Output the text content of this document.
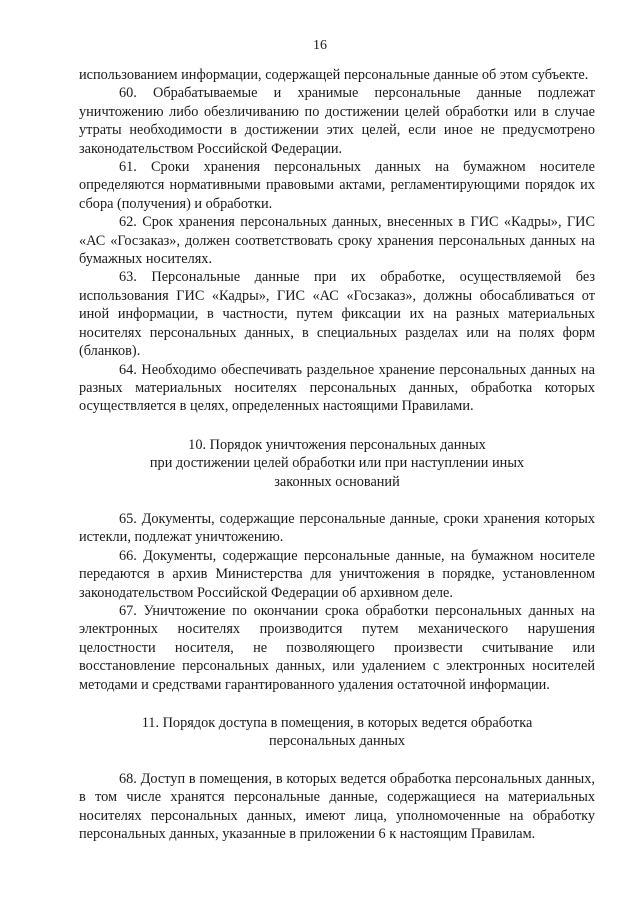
16

использованием информации, содержащей персональные данные об этом субъекте.

60. Обрабатываемые и хранимые персональные данные подлежат уничтожению либо обезличиванию по достижении целей обработки или в случае утраты необходимости в достижении этих целей, если иное не предусмотрено законодательством Российской Федерации.

61. Сроки хранения персональных данных на бумажном носителе определяются нормативными правовыми актами, регламентирующими порядок их сбора (получения) и обработки.

62. Срок хранения персональных данных, внесенных в ГИС «Кадры», ГИС «АС «Госзаказ», должен соответствовать сроку хранения персональных данных на бумажных носителях.

63. Персональные данные при их обработке, осуществляемой без использования ГИС «Кадры», ГИС «АС «Госзаказ», должны обосабливаться от иной информации, в частности, путем фиксации их на разных материальных носителях персональных данных, в специальных разделах или на полях форм (бланков).

64. Необходимо обеспечивать раздельное хранение персональных данных на разных материальных носителях персональных данных, обработка которых осуществляется в целях, определенных настоящими Правилами.

10. Порядок уничтожения персональных данных

при достижении целей обработки или при наступлении иных

законных оснований

65. Документы, содержащие персональные данные, сроки хранения которых истекли, подлежат уничтожению.

66. Документы, содержащие персональные данные, на бумажном носителе передаются в архив Министерства для уничтожения в порядке, установленном законодательством Российской Федерации об архивном деле.

67. Уничтожение по окончании срока обработки персональных данных на электронных носителях производится путем механического нарушения целостности носителя, не позволяющего произвести считывание или восстановление персональных данных, или удалением с электронных носителей методами и средствами гарантированного удаления остаточной информации.

11. Порядок доступа в помещения, в которых ведется обработка

персональных данных

68. Доступ в помещения, в которых ведется обработка персональных данных, в том числе хранятся персональные данные, содержащиеся на материальных носителях персональных данных, имеют лица, уполномоченные на обработку персональных данных, указанные в приложении 6 к настоящим Правилам.
